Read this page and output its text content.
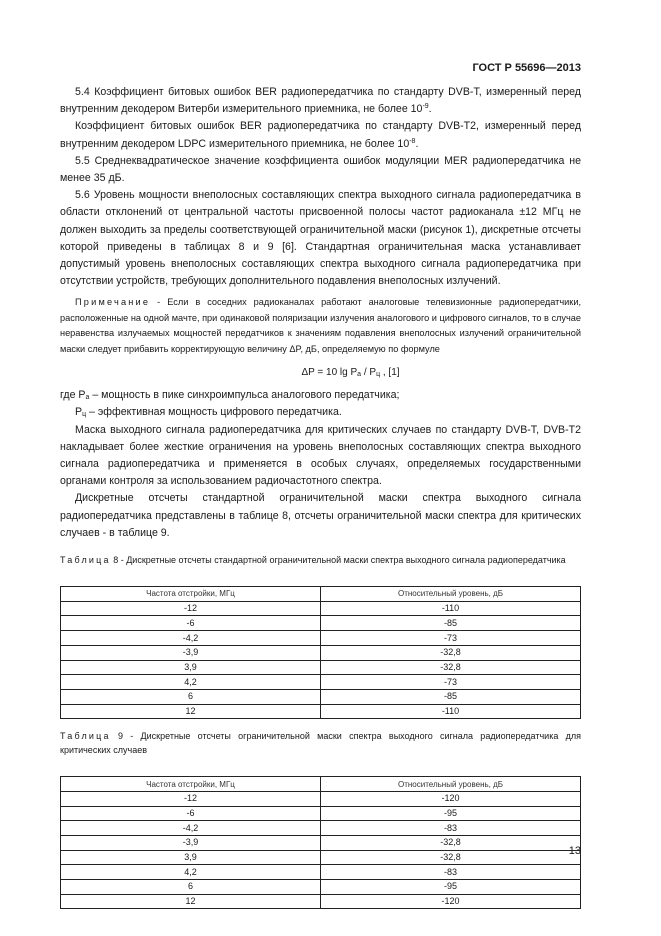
ГОСТ Р 55696—2013

5.4 Коэффициент битовых ошибок BER радиопередатчика по стандарту DVB-T, измеренный перед внутренним декодером Витерби измерительного приемника, не более $10^{-9}$.

Коэффициент битовых ошибок BER радиопередатчика по стандарту DVB-T2, измеренный перед внутренним декодером LDPC измерительного приемника, не более $10^{-8}$.

5.5 Среднеквадратическое значение коэффициента ошибок модуляции MER радиопередатчика не менее 35 дБ.

5.6 Уровень мощности внеполосных составляющих спектра выходного сигнала радиопередатчика в области отклонений от центральной частоты присвоенной полосы частот радиоканала ±12 МГц не должен выходить за пределы соответствующей ограничительной маски (рисунок 1), дискретные отсчеты которой приведены в таблицах 8 и 9 [6]. Стандартная ограничительная маска устанавливает допустимый уровень внеполосных составляющих спектра выходного сигнала радиопередатчика при отсутствии устройств, требующих дополнительного подавления внеполосных излучений.

Примечание - Если в соседних радиоканалах работают аналоговые телевизионные радиопередатчики, расположенные на одной мачте, при одинаковой поляризации излучения аналогового и цифрового сигналов, то в случае неравенства излучаемых мощностей передатчиков к значениям подавления внеполосных излучений ограничительной маски следует прибавить корректирующую величину ΔP, дБ, определяемую по формуле

ΔP = 10 $\lg P_а / P_ц$ , [1]

где $P_а$ – мощность в пике синхроимпульса аналогового передатчика;

$P_ц$ – эффективная мощность цифрового передатчика.

Маска выходного сигнала радиопередатчика для критических случаев по стандарту DVB-T, DVB-T2 накладывает более жесткие ограничения на уровень внеполосных составляющих спектра выходного сигнала радиопередатчика и применяется в особых случаях, определяемых государственными органами контроля за использованием радиочастотного спектра.

Дискретные отсчеты стандартной ограничительной маски спектра выходного сигнала радиопередатчика представлены в таблице 8, отсчеты ограничительной маски спектра для критических случаев - в таблице 9.

Таблица 8 - Дискретные отсчеты стандартной ограничительной маски спектра выходного сигнала радиопередатчика

Частота отстройки, МГц	Относительный уровень, дБ
-12	-110
-6	-85
-4,2	-73
-3,9	-32,8
3,9	-32,8
4,2	-73
6	-85
12	-110

Таблица 9 - Дискретные отсчеты ограничительной маски спектра выходного сигнала радиопередатчика для критических случаев

Частота отстройки, МГц	Относительный уровень, дБ
-12	-120
-6	-95
-4,2	-83
-3,9	-32,8
3,9	-32,8
4,2	-83
6	-95
12	-120
13
